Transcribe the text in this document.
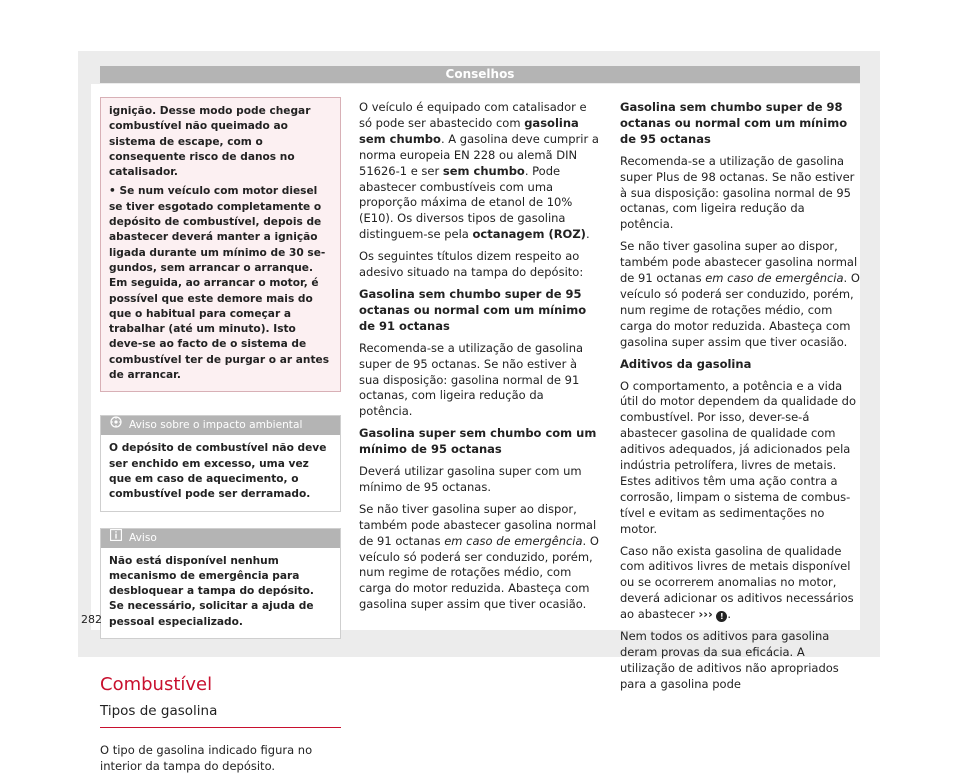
Conselhos

ignição. Desse modo pode chegar combustível não queimado ao sistema de escape, com o consequente risco de danos no catalisador.

• Se num veículo com motor diesel se tiver esgotado completamente o depósito de combustível, depois de abastecer deverá manter a ignição ligada durante um mínimo de 30 segundos, sem arrancar o arranque. Em seguida, ao arrancar o motor, é possível que este demore mais do que o habitual para começar a trabalhar (até um minuto). Isto deve-se ao facto de o sistema de combustível ter de purgar o ar antes de arrancar.

Aviso sobre o impacto ambiental
O depósito de combustível não deve ser enchido em excesso, uma vez que em caso de aquecimento, o combustível pode ser derramado.
Aviso
Não está disponível nenhum mecanismo de emergência para desbloquear a tampa do depósito. Se necessário, solicitar a ajuda de pessoal especializado.
Combustível
Tipos de gasolina

O tipo de gasolina indicado figura no interior da tampa do depósito.

282

O veículo é equipado com catalisador e só pode ser abastecido com gasolina sem chumbo. A gasolina deve cumprir a norma europeia EN 228 ou alemã DIN 51626-1 e ser sem chumbo. Pode abastecer combustíveis com uma proporção máxima de etanol de 10% (E10). Os diversos tipos de gasolina distinguem-se pela octanagem (ROZ).

Os seguintes títulos dizem respeito ao adesivo situado na tampa do depósito:

Gasolina sem chumbo super de 95 octanas ou normal com um mínimo de 91 octanas

Recomenda-se a utilização de gasolina super de 95 octanas. Se não estiver à sua disposição: gasolina normal de 91 octanas, com ligeira redução da potência.

Gasolina super sem chumbo com um mínimo de 95 octanas

Deverá utilizar gasolina super com um mínimo de 95 octanas.

Se não tiver gasolina super ao dispor, também pode abastecer gasolina normal de 91 octanas em caso de emergência. O veículo só poderá ser conduzido, porém, num regime de rotações médio, com carga do motor reduzida. Abasteça com gasolina super assim que tiver ocasião.

Gasolina sem chumbo super de 98 octanas ou normal com um mínimo de 95 octanas

Recomenda-se a utilização de gasolina super Plus de 98 octanas. Se não estiver à sua disposição: gasolina normal de 95 octanas, com ligeira redução da potência.

Se não tiver gasolina super ao dispor, também pode abastecer gasolina normal de 91 octanas em caso de emergência. O veículo só poderá ser conduzido, porém, num regime de rotações médio, com carga do motor reduzida. Abasteça com gasolina super assim que tiver ocasião.

Aditivos da gasolina

O comportamento, a potência e a vida útil do motor dependem da qualidade do combustível. Por isso, dever-se-á abastecer gasolina de qualidade com aditivos adequados, já adicionados pela indústria petrolífera, livres de metais. Estes aditivos têm uma ação contra a corrosão, limpam o sistema de combustível e evitam as sedimentações no motor.

Caso não exista gasolina de qualidade com aditivos livres de metais disponível ou se ocorrerem anomalias no motor, deverá adicionar os aditivos necessários ao abastecer ››› ! .

Nem todos os aditivos para gasolina deram provas da sua eficácia. A utilização de aditivos não apropriados para a gasolina pode
